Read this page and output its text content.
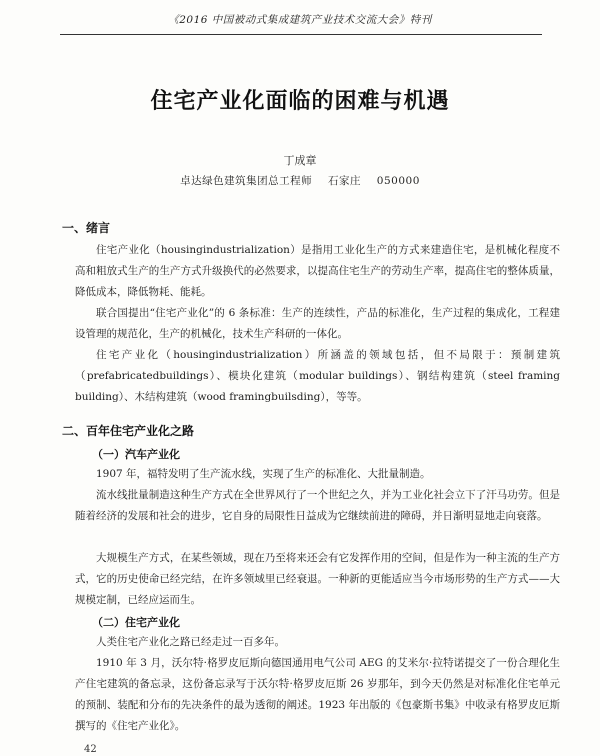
《2016 中国被动式集成建筑产业技术交流大会》特刊
住宅产业化面临的困难与机遇
丁成章
卓达绿色建筑集团总工程师 石家庄 050000
一、绪言

住宅产业化（housingindustrialization）是指用工业化生产的方式来建造住宅，是机械化程度不高和粗放式生产的生产方式升级换代的必然要求，以提高住宅生产的劳动生产率，提高住宅的整体质量，降低成本，降低物耗、能耗。

联合国提出“住宅产业化”的 6 条标准：生产的连续性，产品的标准化，生产过程的集成化，工程建设管理的规范化，生产的机械化，技术生产科研的一体化。

住宅产业化（housingindustrialization）所涵盖的领域包括，但不局限于：预制建筑（prefabricatedbuildings）、模块化建筑（modular buildings）、钢结构建筑（steel framing building）、木结构建筑（wood framingbuilsding），等等。

二、百年住宅产业化之路
（一）汽车产业化

1907 年，福特发明了生产流水线，实现了生产的标准化、大批量制造。

流水线批量制造这种生产方式在全世界风行了一个世纪之久，并为工业化社会立下了汗马功劳。但是随着经济的发展和社会的进步，它自身的局限性日益成为它继续前进的障碍，并日渐明显地走向衰落。

大规模生产方式，在某些领域，现在乃至将来还会有它发挥作用的空间，但是作为一种主流的生产方式，它的历史使命已经完结，在许多领域里已经衰退。一种新的更能适应当今市场形势的生产方式——大规模定制，已经应运而生。

（二）住宅产业化

人类住宅产业化之路已经走过一百多年。

1910 年 3 月，沃尔特·格罗皮厄斯向德国通用电气公司 AEG 的艾米尔·拉特诺提交了一份合理化生产住宅建筑的备忘录，这份备忘录写于沃尔特·格罗皮厄斯 26 岁那年，到今天仍然是对标准化住宅单元的预制、装配和分布的先决条件的最为透彻的阐述。1923 年出版的《包豪斯书集》中收录有格罗皮厄斯撰写的《住宅产业化》。

42
